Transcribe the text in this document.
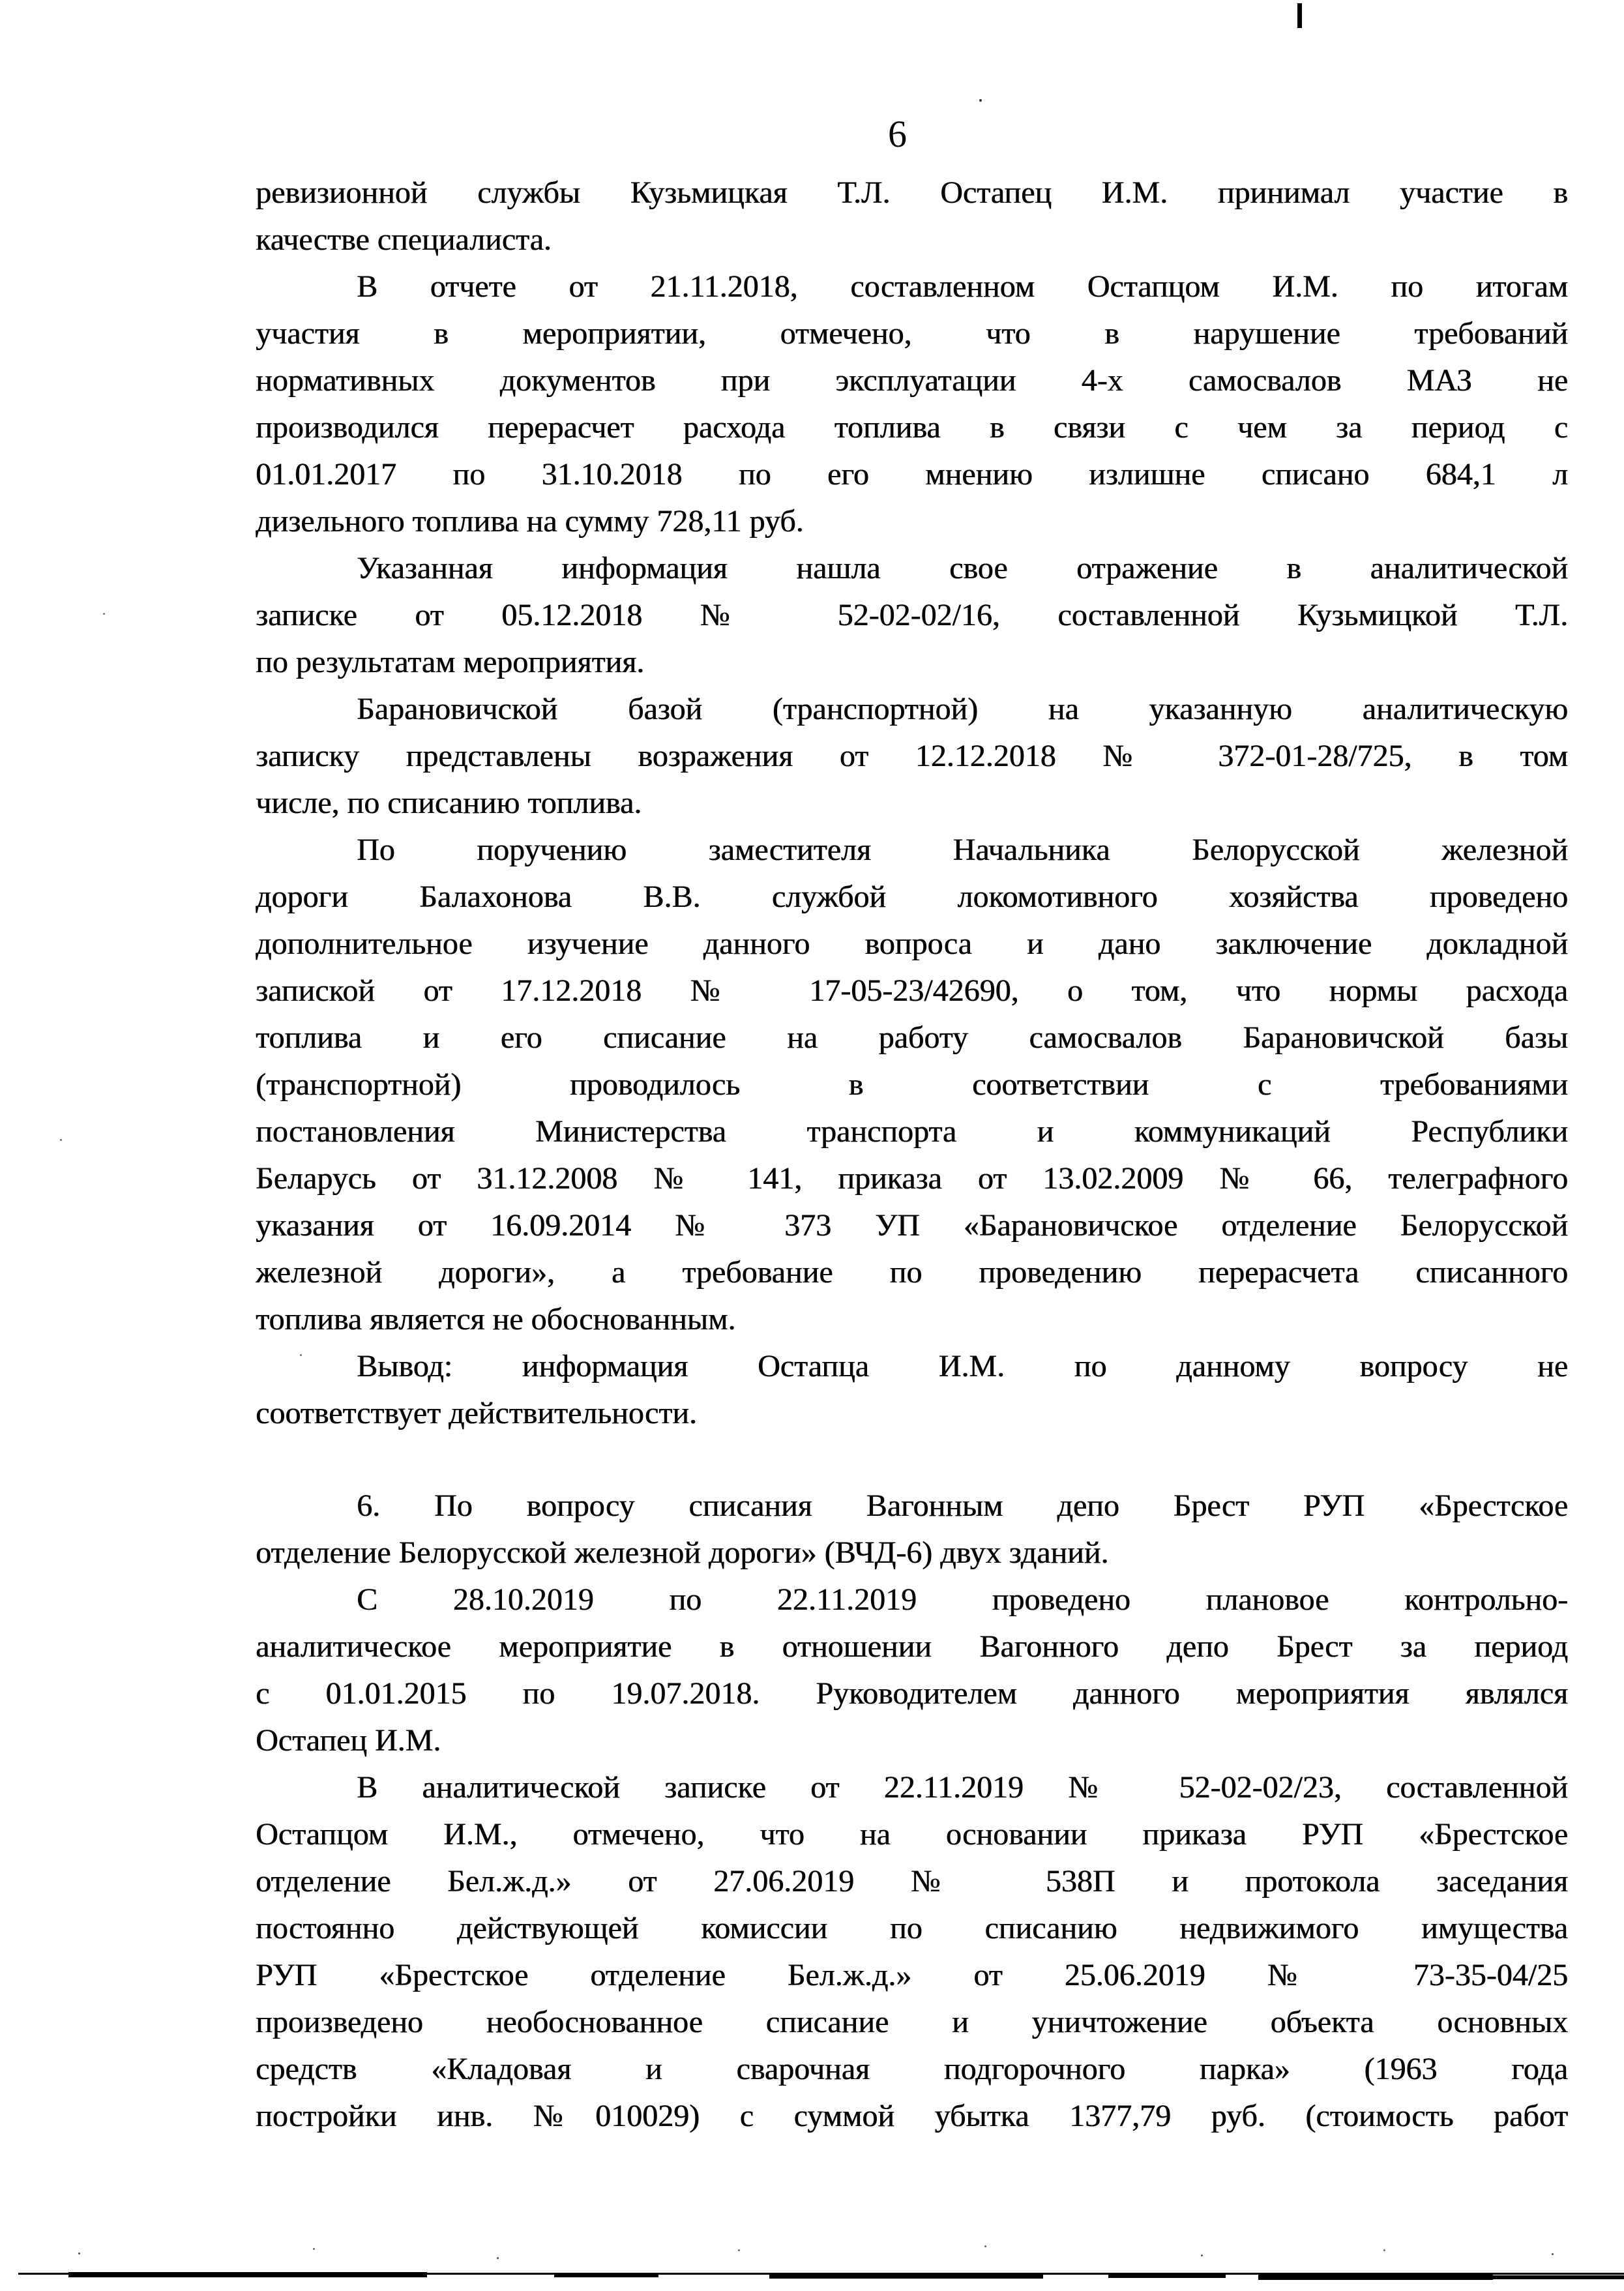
6
ревизионной службы Кузьмицкая Т.Л. Остапец И.М. принимал участие в
качестве специалиста.
В отчете от 21.11.2018, составленном Остапцом И.М. по итогам
участия в мероприятии, отмечено, что в нарушение требований
нормативных документов при эксплуатации 4-х самосвалов МАЗ не
производился перерасчет расхода топлива в связи с чем за период с
01.01.2017 по 31.10.2018 по его мнению излишне списано 684,1 л
дизельного топлива на сумму 728,11 руб.
Указанная информация нашла свое отражение в аналитической
записке от 05.12.2018 № 52-02-02/16, составленной Кузьмицкой Т.Л.
по результатам мероприятия.
Барановичской базой (транспортной) на указанную аналитическую
записку представлены возражения от 12.12.2018 № 372-01-28/725, в том
числе, по списанию топлива.
По поручению заместителя Начальника Белорусской железной
дороги Балахонова В.В. службой локомотивного хозяйства проведено
дополнительное изучение данного вопроса и дано заключение докладной
запиской от 17.12.2018 № 17-05-23/42690, о том, что нормы расхода
топлива и его списание на работу самосвалов Барановичской базы
(транспортной) проводилось в соответствии с требованиями
постановления Министерства транспорта и коммуникаций Республики
Беларусь от 31.12.2008 № 141, приказа от 13.02.2009 № 66, телеграфного
указания от 16.09.2014 № 373 УП «Барановичское отделение Белорусской
железной дороги», а требование по проведению перерасчета списанного
топлива является не обоснованным.
Вывод: информация Остапца И.М. по данному вопросу не
соответствует действительности.
6. По вопросу списания Вагонным депо Брест РУП «Брестское
отделение Белорусской железной дороги» (ВЧД-6) двух зданий.
С 28.10.2019 по 22.11.2019 проведено плановое контрольно-
аналитическое мероприятие в отношении Вагонного депо Брест за период
с 01.01.2015 по 19.07.2018. Руководителем данного мероприятия являлся
Остапец И.М.
В аналитической записке от 22.11.2019 № 52-02-02/23, составленной
Остапцом И.М., отмечено, что на основании приказа РУП «Брестское
отделение Бел.ж.д.» от 27.06.2019 № 538П и протокола заседания
постоянно действующей комиссии по списанию недвижимого имущества
РУП «Брестское отделение Бел.ж.д.» от 25.06.2019 № 73-35-04/25
произведено необоснованное списание и уничтожение объекта основных
средств «Кладовая и сварочная подгорочного парка» (1963 года
постройки инв. №010029) с суммой убытка 1377,79 руб. (стоимость работ
